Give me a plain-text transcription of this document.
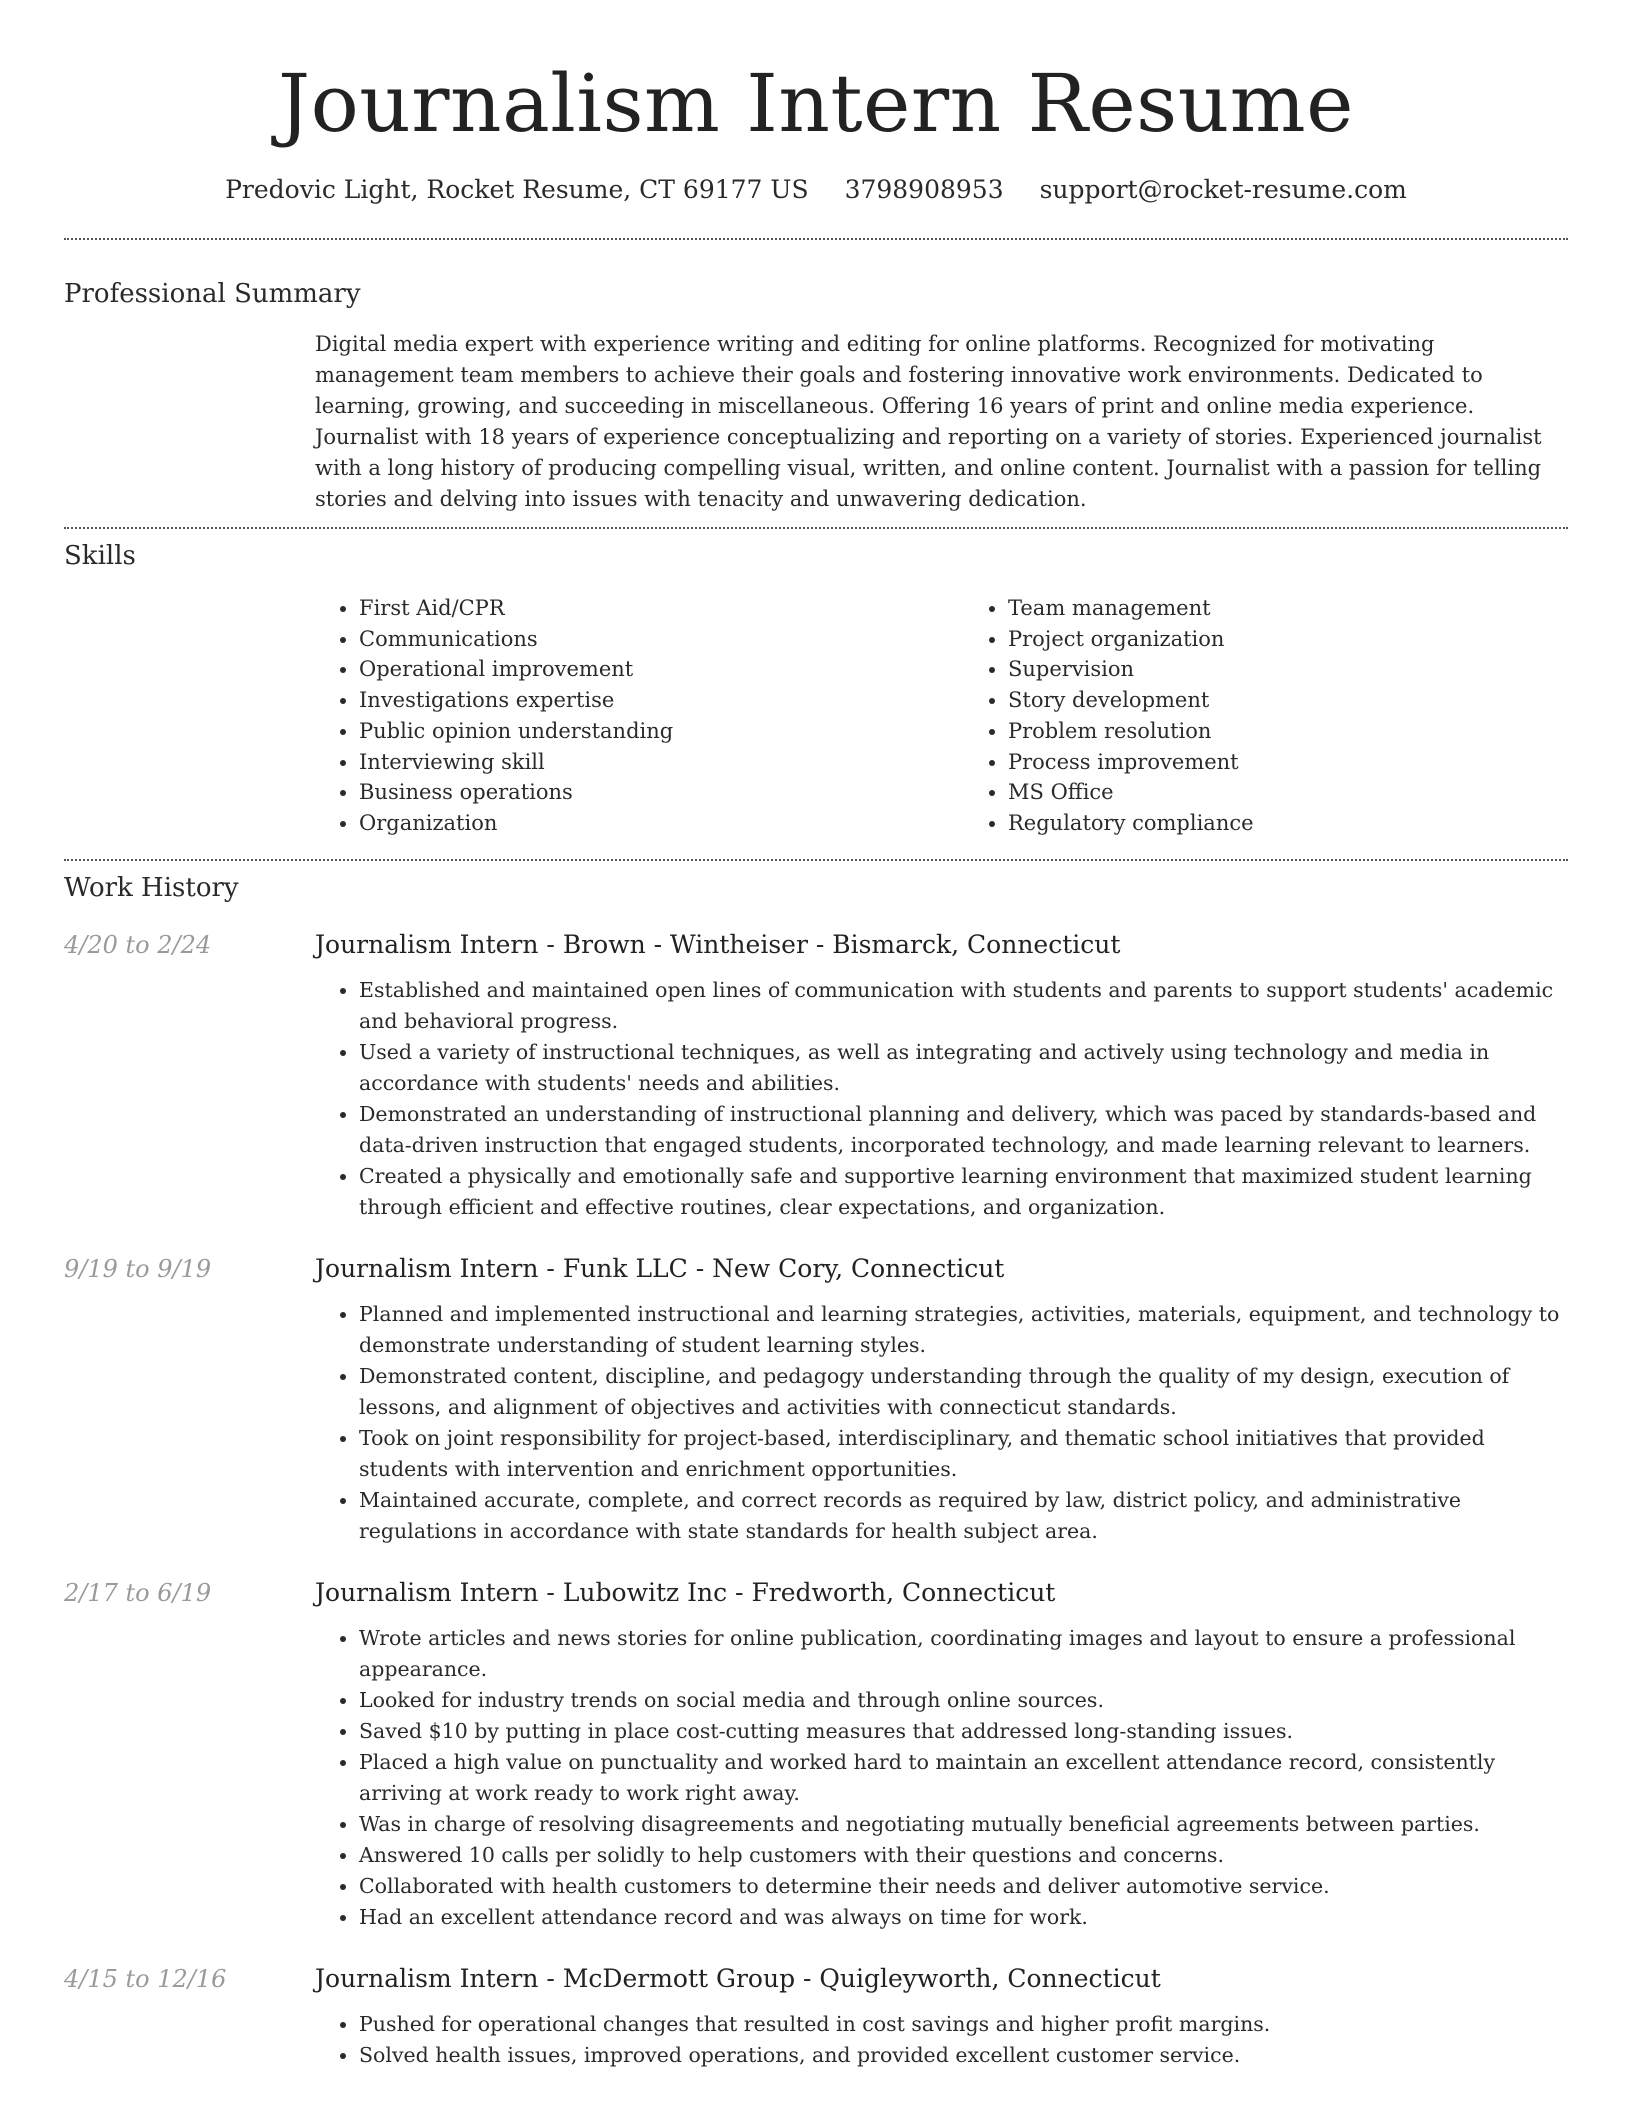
Journalism Intern Resume
Predovic Light, Rocket Resume, CT 69177 US 3798908953 support@rocket-resume.com
Professional Summary

Digital media expert with experience writing and editing for online platforms. Recognized for motivating management team members to achieve their goals and fostering innovative work environments. Dedicated to learning, growing, and succeeding in miscellaneous. Offering 16 years of print and online media experience. Journalist with 18 years of experience conceptualizing and reporting on a variety of stories. Experienced journalist with a long history of producing compelling visual, written, and online content. Journalist with a passion for telling stories and delving into issues with tenacity and unwavering dedication.

Skills
• First Aid/CPR
• Communications
• Operational improvement
• Investigations expertise
• Public opinion understanding
• Interviewing skill
• Business operations
• Organization
• Team management
• Project organization
• Supervision
• Story development
• Problem resolution
• Process improvement
• MS Office
• Regulatory compliance
Work History
4/20 to 2/24	Journalism Intern - Brown - Wintheiser - Bismarck, Connecticut
• Established and maintained open lines of communication with students and parents to support students' academic and behavioral progress.
• Used a variety of instructional techniques, as well as integrating and actively using technology and media in accordance with students' needs and abilities.
• Demonstrated an understanding of instructional planning and delivery, which was paced by standards-based and data-driven instruction that engaged students, incorporated technology, and made learning relevant to learners.
• Created a physically and emotionally safe and supportive learning environment that maximized student learning through efficient and effective routines, clear expectations, and organization.
9/19 to 9/19	Journalism Intern - Funk LLC - New Cory, Connecticut
• Planned and implemented instructional and learning strategies, activities, materials, equipment, and technology to demonstrate understanding of student learning styles.
• Demonstrated content, discipline, and pedagogy understanding through the quality of my design, execution of lessons, and alignment of objectives and activities with connecticut standards.
• Took on joint responsibility for project-based, interdisciplinary, and thematic school initiatives that provided students with intervention and enrichment opportunities.
• Maintained accurate, complete, and correct records as required by law, district policy, and administrative regulations in accordance with state standards for health subject area.
2/17 to 6/19	Journalism Intern - Lubowitz Inc - Fredworth, Connecticut
• Wrote articles and news stories for online publication, coordinating images and layout to ensure a professional appearance.
• Looked for industry trends on social media and through online sources.
• Saved $10 by putting in place cost-cutting measures that addressed long-standing issues.
• Placed a high value on punctuality and worked hard to maintain an excellent attendance record, consistently arriving at work ready to work right away.
• Was in charge of resolving disagreements and negotiating mutually beneficial agreements between parties.
• Answered 10 calls per solidly to help customers with their questions and concerns.
• Collaborated with health customers to determine their needs and deliver automotive service.
• Had an excellent attendance record and was always on time for work.
4/15 to 12/16	Journalism Intern - McDermott Group - Quigleyworth, Connecticut
• Pushed for operational changes that resulted in cost savings and higher profit margins.
• Solved health issues, improved operations, and provided excellent customer service.
